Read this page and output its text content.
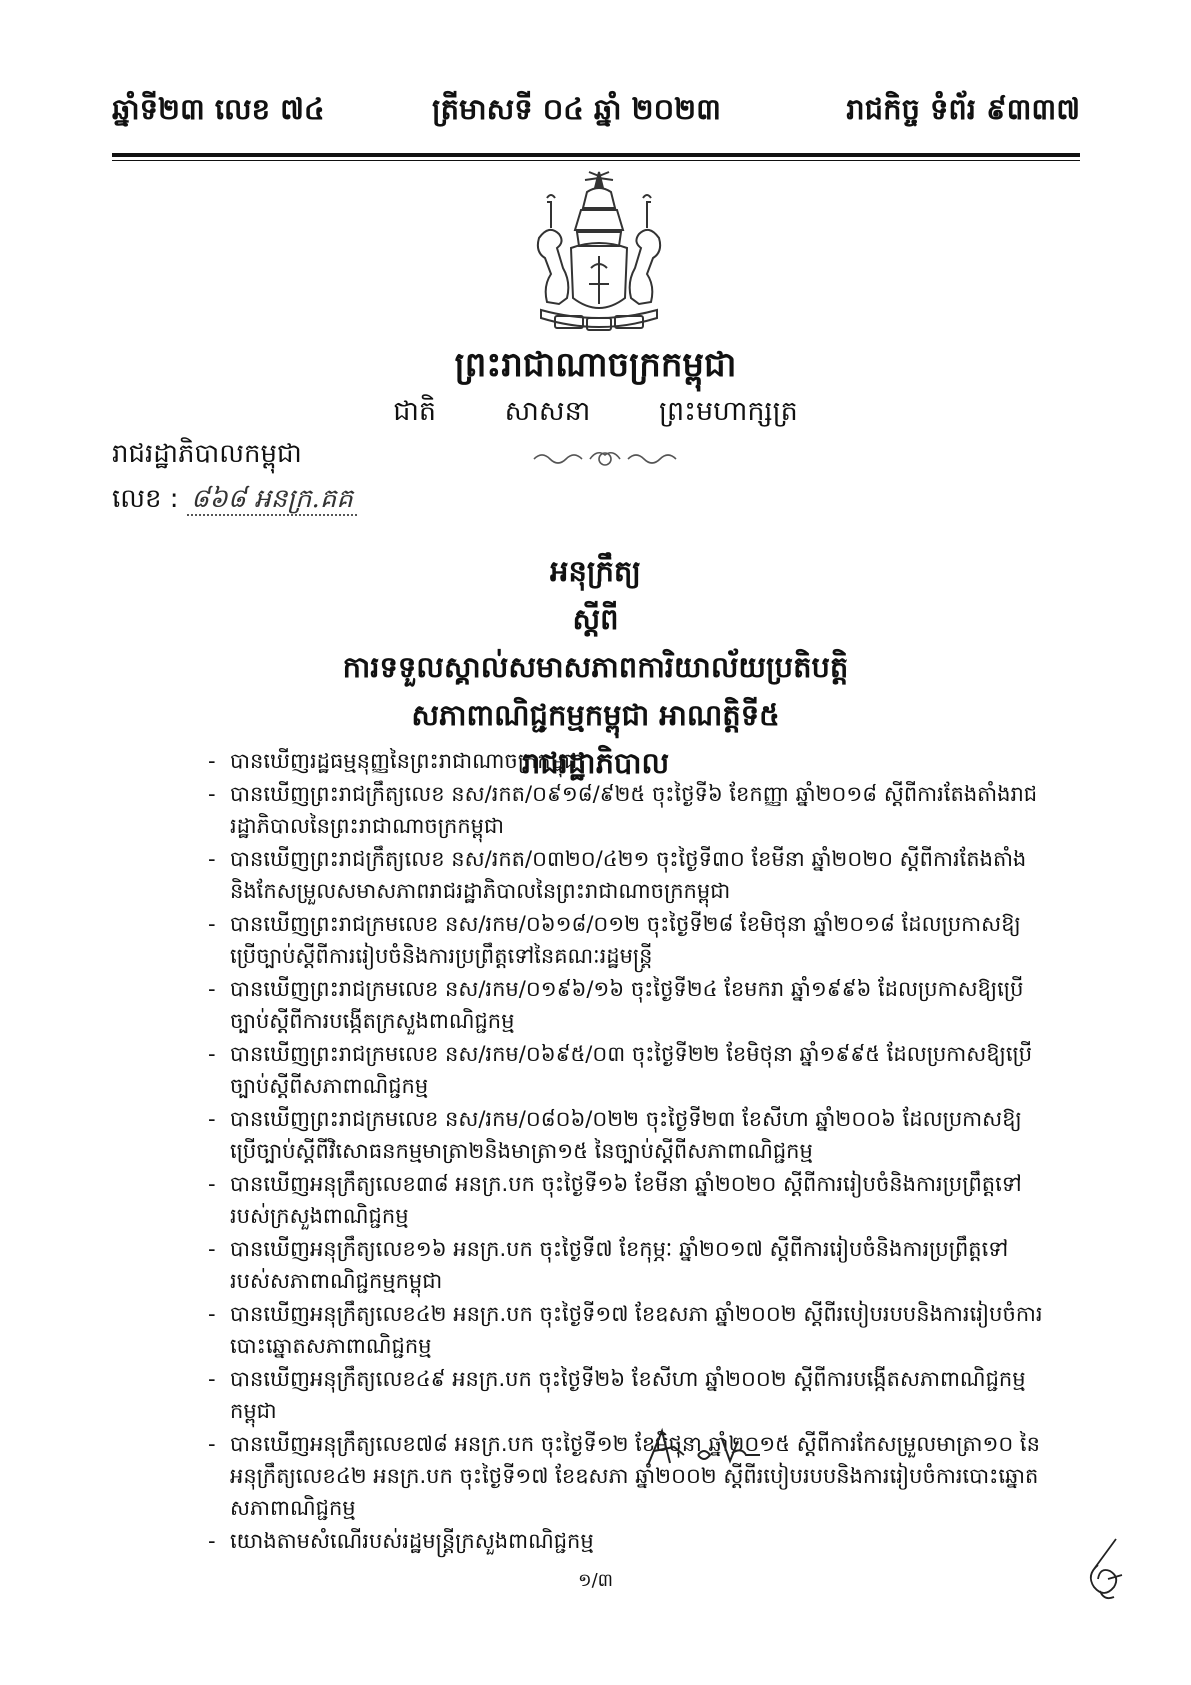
ឆ្នាំទី២៣ លេខ ៧៤	ត្រីមាសទី ០៤ ឆ្នាំ ២០២៣	រាជកិច្ច ទំព័រ ៩៣៣៧
ព្រះរាជាណាចក្រកម្ពុជា
ជាតិ	សាសនា	ព្រះមហាក្សត្រ
រាជរដ្ឋាភិបាលកម្ពុជា
លេខ : ៨៦៨ អនក្រ.គគ
អនុក្រឹត្យ
ស្តីពី
ការទទួលស្គាល់សមាសភាពការិយាល័យប្រតិបត្តិ
សភាពាណិជ្ជកម្មកម្ពុជា អាណត្តិទី៥
រាជរដ្ឋាភិបាល
- បានឃើញរដ្ឋធម្មនុញ្ញនៃព្រះរាជាណាចក្រកម្ពុជា
- បានឃើញព្រះរាជក្រឹត្យលេខ នស/រកត/០៩១៨/៩២៥ ចុះថ្ងៃទី៦ ខែកញ្ញា ឆ្នាំ២០១៨ ស្តីពីការតែងតាំងរាជរដ្ឋាភិបាលនៃព្រះរាជាណាចក្រកម្ពុជា
- បានឃើញព្រះរាជក្រឹត្យលេខ នស/រកត/០៣២០/៤២១ ចុះថ្ងៃទី៣០ ខែមីនា ឆ្នាំ២០២០ ស្តីពីការតែងតាំងនិងកែសម្រួលសមាសភាពរាជរដ្ឋាភិបាលនៃព្រះរាជាណាចក្រកម្ពុជា
- បានឃើញព្រះរាជក្រមលេខ នស/រកម/០៦១៨/០១២ ចុះថ្ងៃទី២៨ ខែមិថុនា ឆ្នាំ២០១៨ ដែលប្រកាសឱ្យប្រើច្បាប់ស្តីពីការរៀបចំនិងការប្រព្រឹត្តទៅនៃគណៈរដ្ឋមន្ត្រី
- បានឃើញព្រះរាជក្រមលេខ នស/រកម/០១៩៦/១៦ ចុះថ្ងៃទី២៤ ខែមករា ឆ្នាំ១៩៩៦ ដែលប្រកាសឱ្យប្រើច្បាប់ស្តីពីការបង្កើតក្រសួងពាណិជ្ជកម្ម
- បានឃើញព្រះរាជក្រមលេខ នស/រកម/០៦៩៥/០៣ ចុះថ្ងៃទី២២ ខែមិថុនា ឆ្នាំ១៩៩៥ ដែលប្រកាសឱ្យប្រើច្បាប់ស្តីពីសភាពាណិជ្ជកម្ម
- បានឃើញព្រះរាជក្រមលេខ នស/រកម/០៨០៦/០២២ ចុះថ្ងៃទី២៣ ខែសីហា ឆ្នាំ២០០៦ ដែលប្រកាសឱ្យប្រើច្បាប់ស្តីពីវិសោធនកម្មមាត្រា២និងមាត្រា១៥ នៃច្បាប់ស្តីពីសភាពាណិជ្ជកម្ម
- បានឃើញអនុក្រឹត្យលេខ៣៨ អនក្រ.បក ចុះថ្ងៃទី១៦ ខែមីនា ឆ្នាំ២០២០ ស្តីពីការរៀបចំនិងការប្រព្រឹត្តទៅរបស់ក្រសួងពាណិជ្ជកម្ម
- បានឃើញអនុក្រឹត្យលេខ១៦ អនក្រ.បក ចុះថ្ងៃទី៧ ខែកុម្ភៈ ឆ្នាំ២០១៧ ស្តីពីការរៀបចំនិងការប្រព្រឹត្តទៅរបស់សភាពាណិជ្ជកម្មកម្ពុជា
- បានឃើញអនុក្រឹត្យលេខ៤២ អនក្រ.បក ចុះថ្ងៃទី១៧ ខែឧសភា ឆ្នាំ២០០២ ស្តីពីរបៀបរបបនិងការរៀបចំការបោះឆ្នោតសភាពាណិជ្ជកម្ម
- បានឃើញអនុក្រឹត្យលេខ៤៩ អនក្រ.បក ចុះថ្ងៃទី២៦ ខែសីហា ឆ្នាំ២០០២ ស្តីពីការបង្កើតសភាពាណិជ្ជកម្មកម្ពុជា
- បានឃើញអនុក្រឹត្យលេខ៧៨ អនក្រ.បក ចុះថ្ងៃទី១២ ខែមិថុនា ឆ្នាំ២០១៥ ស្តីពីការកែសម្រួលមាត្រា១០ នៃអនុក្រឹត្យលេខ៤២ អនក្រ.បក ចុះថ្ងៃទី១៧ ខែឧសភា ឆ្នាំ២០០២ ស្តីពីរបៀបរបបនិងការរៀបចំការបោះឆ្នោតសភាពាណិជ្ជកម្ម
- យោងតាមសំណើរបស់រដ្ឋមន្ត្រីក្រសួងពាណិជ្ជកម្ម
១/៣
